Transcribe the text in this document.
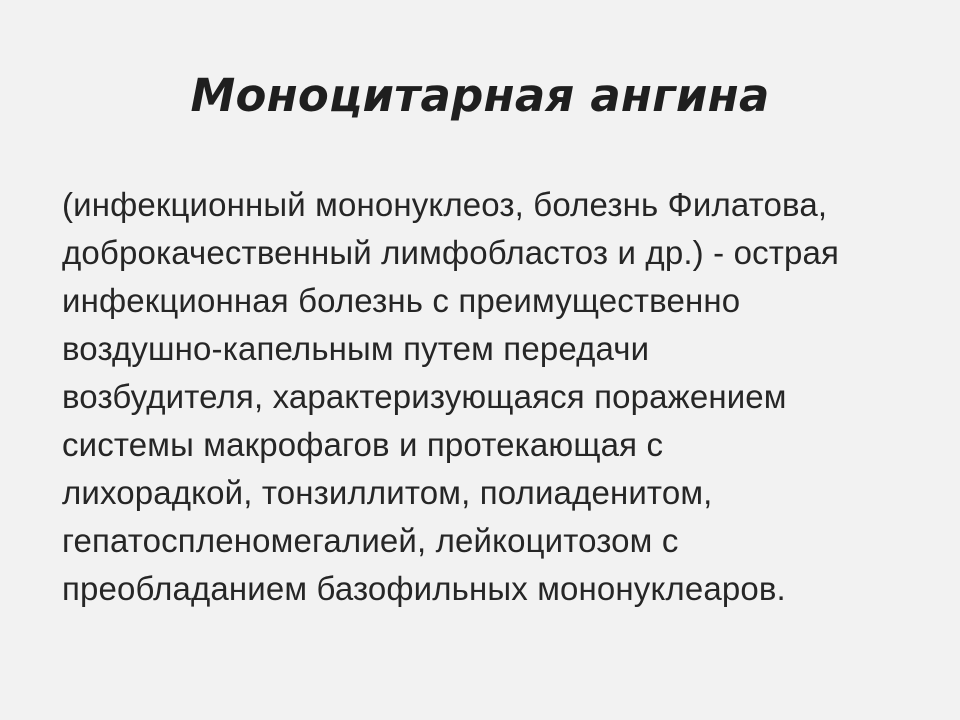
Моноцитарная ангина
(инфекционный мононуклеоз, болезнь Филатова,
доброкачественный лимфобластоз и др.) - острая
инфекционная болезнь с преимущественно
воздушно-капельным путем передачи
возбудителя, характеризующаяся поражением
системы макрофагов и протекающая с
лихорадкой, тонзиллитом, полиаденитом,
гепатоспленомегалией, лейкоцитозом с
преобладанием базофильных мононуклеаров.
